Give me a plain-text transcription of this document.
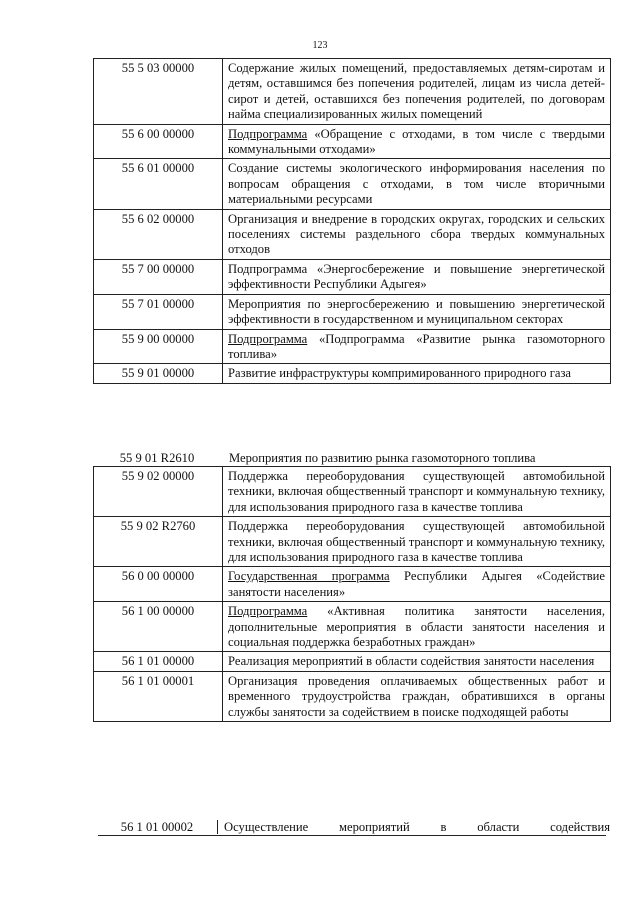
123
55 5 03 00000	Содержание жилых помещений, предоставляемых детям-сиротам и детям, оставшимся без попечения родителей, лицам из числа детей-сирот и детей, оставшихся без попечения родителей, по договорам найма специализированных жилых помещений
55 6 00 00000	Подпрограмма «Обращение с отходами, в том числе с твердыми коммунальными отходами»
55 6 01 00000	Создание системы экологического информирования населения по вопросам обращения с отходами, в том числе вторичными материальными ресурсами
55 6 02 00000	Организация и внедрение в городских округах, городских и сельских поселениях системы раздельного сбора твердых коммунальных отходов
55 7 00 00000	Подпрограмма «Энергосбережение и повышение энергетической эффективности Республики Адыгея»
55 7 01 00000	Мероприятия по энергосбережению и повышению энергетической эффективности в государственном и муниципальном секторах
55 9 00 00000	Подпрограмма «Подпрограмма «Развитие рынка газомоторного топлива»
55 9 01 00000	Развитие инфраструктуры компримированного природного газа
55 9 01 R2610	Мероприятия по развитию рынка газомоторного топлива
55 9 02 00000	Поддержка переоборудования существующей автомобильной техники, включая общественный транспорт и коммунальную технику, для использования природного газа в качестве топлива
55 9 02 R2760	Поддержка переоборудования существующей автомобильной техники, включая общественный транспорт и коммунальную технику, для использования природного газа в качестве топлива
56 0 00 00000	Государственная программа Республики Адыгея «Содействие занятости населения»
56 1 00 00000	Подпрограмма «Активная политика занятости населения, дополнительные мероприятия в области занятости населения и социальная поддержка безработных граждан»
56 1 01 00000	Реализация мероприятий в области содействия занятости населения
56 1 01 00001	Организация проведения оплачиваемых общественных работ и временного трудоустройства граждан, обратившихся в органы службы занятости за содействием в поиске подходящей работы
56 1 01 00002	Осуществление мероприятий в области содействия
